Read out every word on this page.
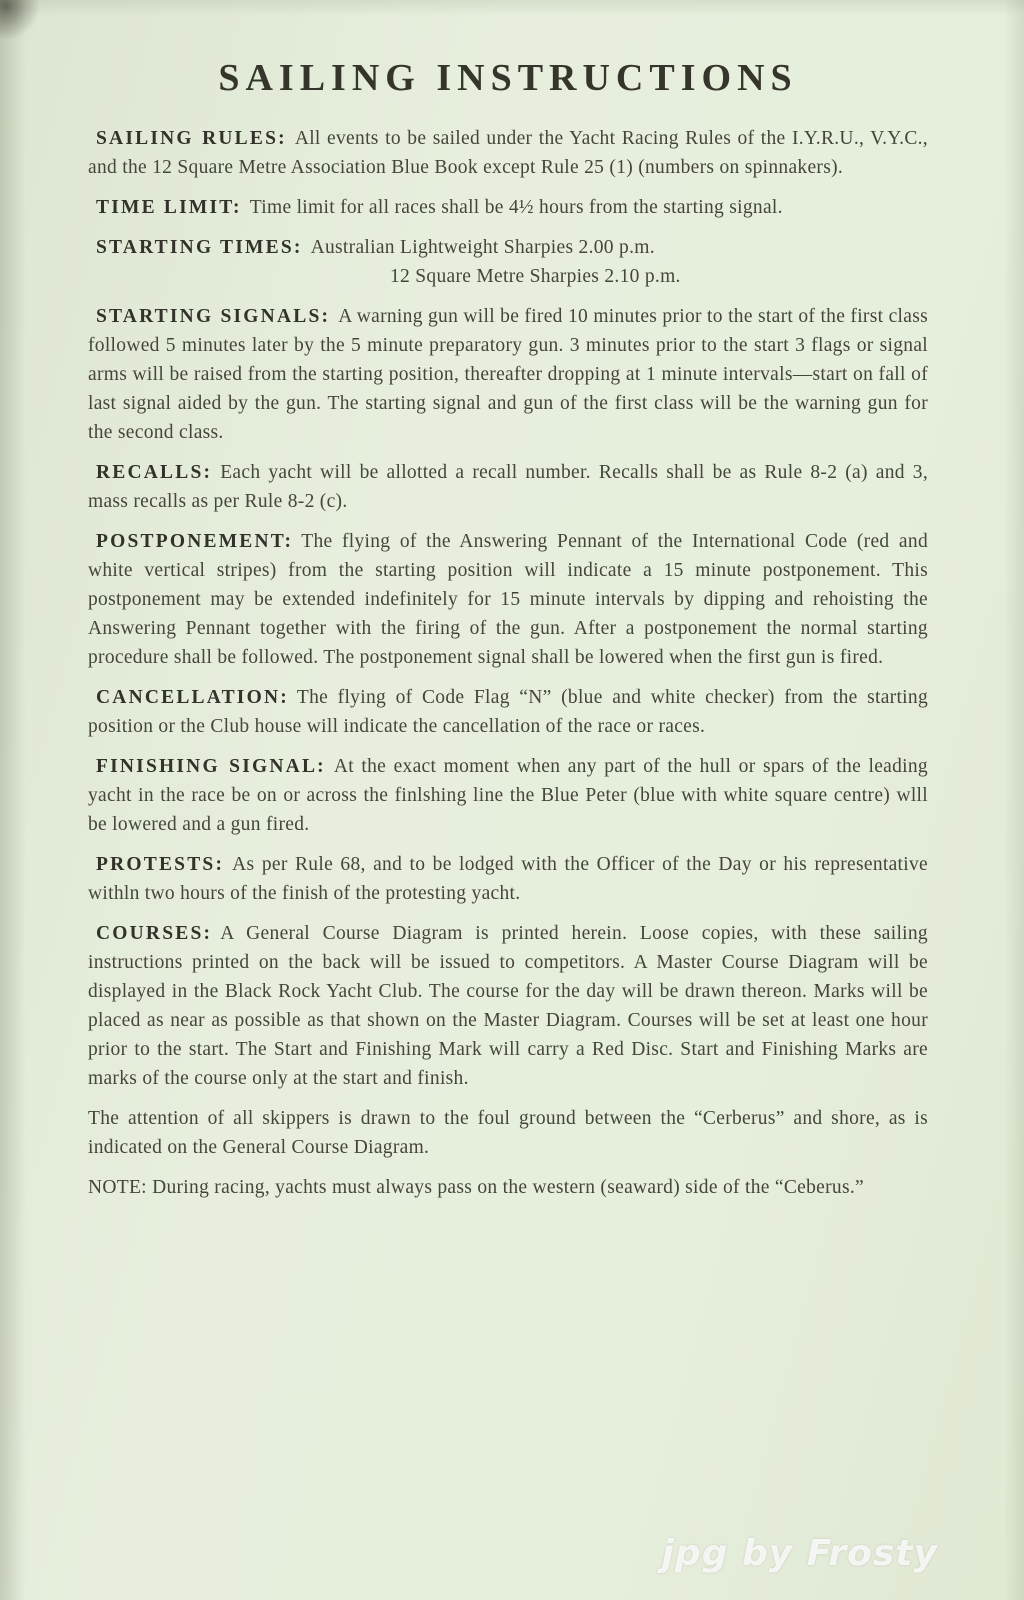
SAILING INSTRUCTIONS

SAILING RULES: All events to be sailed under the Yacht Racing Rules of the I.Y.R.U., V.Y.C., and the 12 Square Metre Association Blue Book except Rule 25 (1) (numbers on spinnakers).

TIME LIMIT: Time limit for all races shall be 4½ hours from the starting signal.

STARTING TIMES: Australian Lightweight Sharpies 2.00 p.m.
12 Square Metre Sharpies 2.10 p.m.

STARTING SIGNALS: A warning gun will be fired 10 minutes prior to the start of the first class followed 5 minutes later by the 5 minute preparatory gun. 3 minutes prior to the start 3 flags or signal arms will be raised from the starting position, thereafter dropping at 1 minute intervals—start on fall of last signal aided by the gun. The starting signal and gun of the first class will be the warning gun for the second class.

RECALLS: Each yacht will be allotted a recall number. Recalls shall be as Rule 8-2 (a) and 3, mass recalls as per Rule 8-2 (c).

POSTPONEMENT: The flying of the Answering Pennant of the International Code (red and white vertical stripes) from the starting position will indicate a 15 minute postponement. This postponement may be extended indefinitely for 15 minute intervals by dipping and rehoisting the Answering Pennant together with the firing of the gun. After a postponement the normal starting procedure shall be followed. The postponement signal shall be lowered when the first gun is fired.

CANCELLATION: The flying of Code Flag “N” (blue and white checker) from the starting position or the Club house will indicate the cancellation of the race or races.

FINISHING SIGNAL: At the exact moment when any part of the hull or spars of the leading yacht in the race be on or across the finlshing line the Blue Peter (blue with white square centre) wlll be lowered and a gun fired.

PROTESTS: As per Rule 68, and to be lodged with the Officer of the Day or his representative withln two hours of the finish of the protesting yacht.

COURSES: A General Course Diagram is printed herein. Loose copies, with these sailing instructions printed on the back will be issued to competitors. A Master Course Diagram will be displayed in the Black Rock Yacht Club. The course for the day will be drawn thereon. Marks will be placed as near as possible as that shown on the Master Diagram. Courses will be set at least one hour prior to the start. The Start and Finishing Mark will carry a Red Disc. Start and Finishing Marks are marks of the course only at the start and finish.

The attention of all skippers is drawn to the foul ground between the “Cerberus” and shore, as is indicated on the General Course Diagram.

NOTE: During racing, yachts must always pass on the western (seaward) side of the “Ceberus.”

jpg by Frosty
